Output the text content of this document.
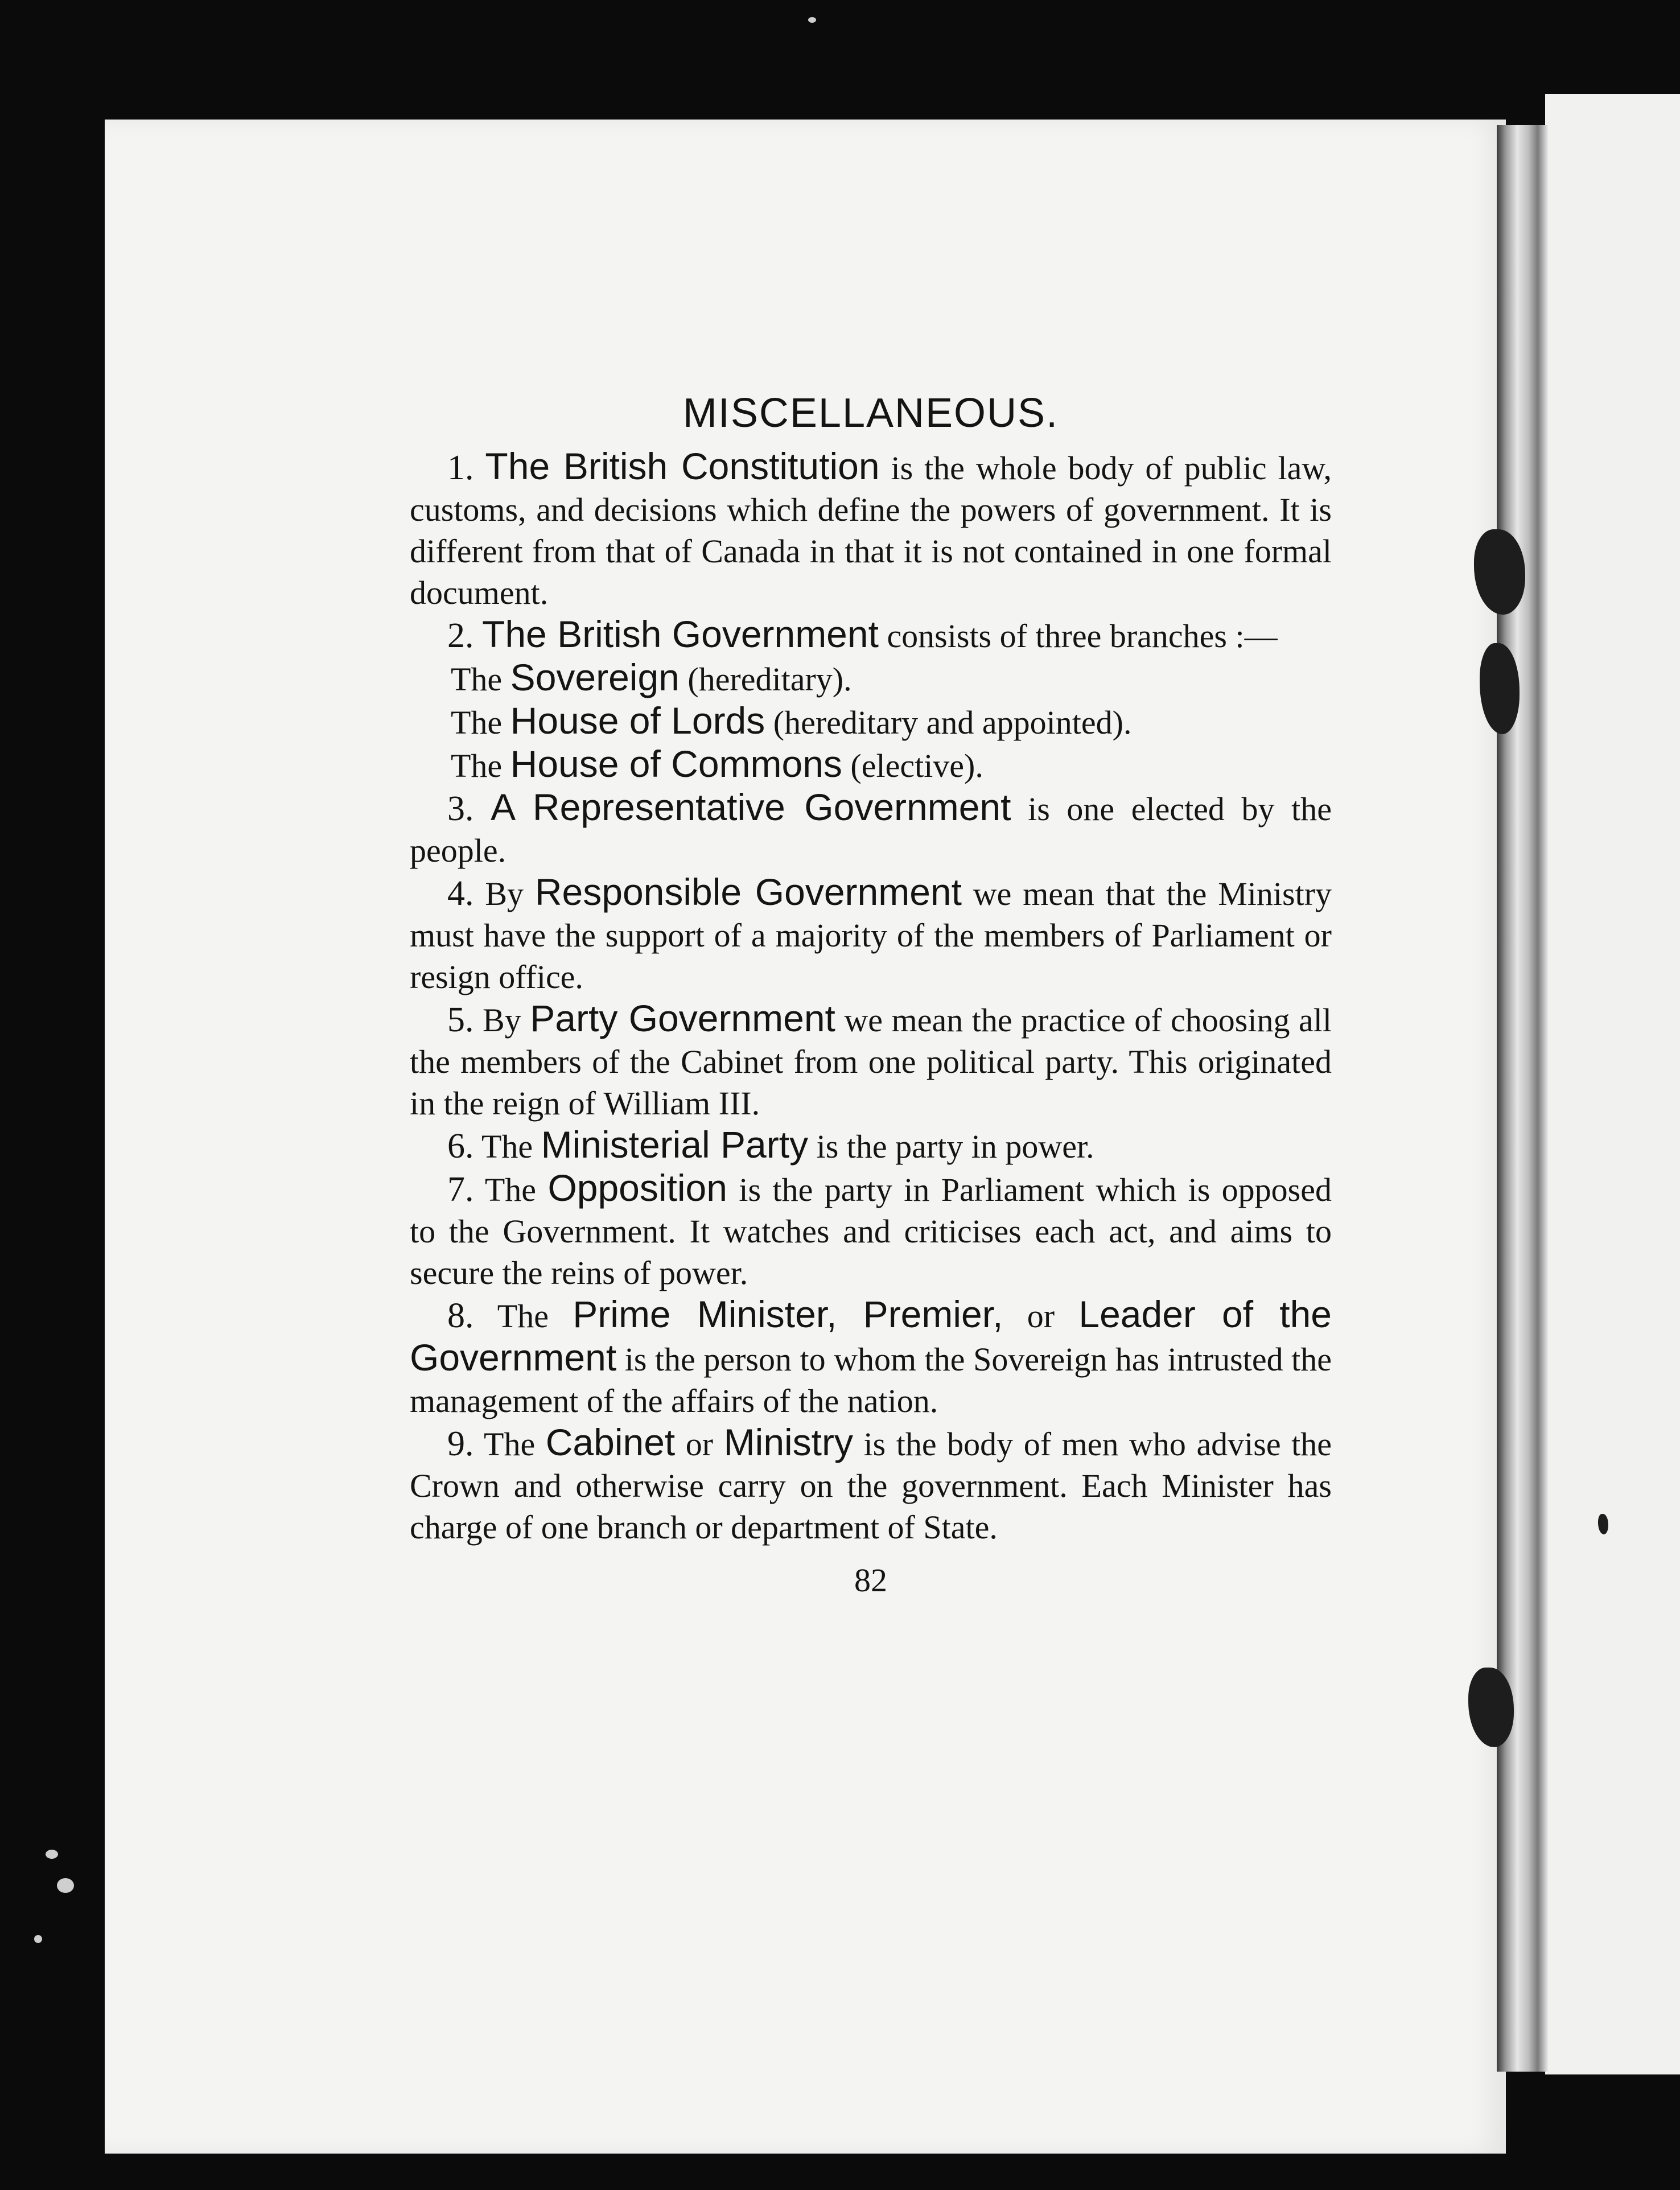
MISCELLANEOUS.

1. The British Constitution is the whole body of public law, customs, and decisions which define the powers of government. It is different from that of Canada in that it is not contained in one formal document.

2. The British Government consists of three branches :—

The Sovereign (hereditary).

The House of Lords (hereditary and appointed).

The House of Commons (elective).

3. A Representative Government is one elected by the people.

4. By Responsible Government we mean that the Ministry must have the support of a majority of the members of Parliament or resign office.

5. By Party Government we mean the practice of choosing all the members of the Cabinet from one political party. This originated in the reign of William III.

6. The Ministerial Party is the party in power.

7. The Opposition is the party in Parliament which is opposed to the Government. It watches and criticises each act, and aims to secure the reins of power.

8. The Prime Minister, Premier, or Leader of the Government is the person to whom the Sovereign has intrusted the management of the affairs of the nation.

9. The Cabinet or Ministry is the body of men who advise the Crown and otherwise carry on the government. Each Minister has charge of one branch or department of State.

82
